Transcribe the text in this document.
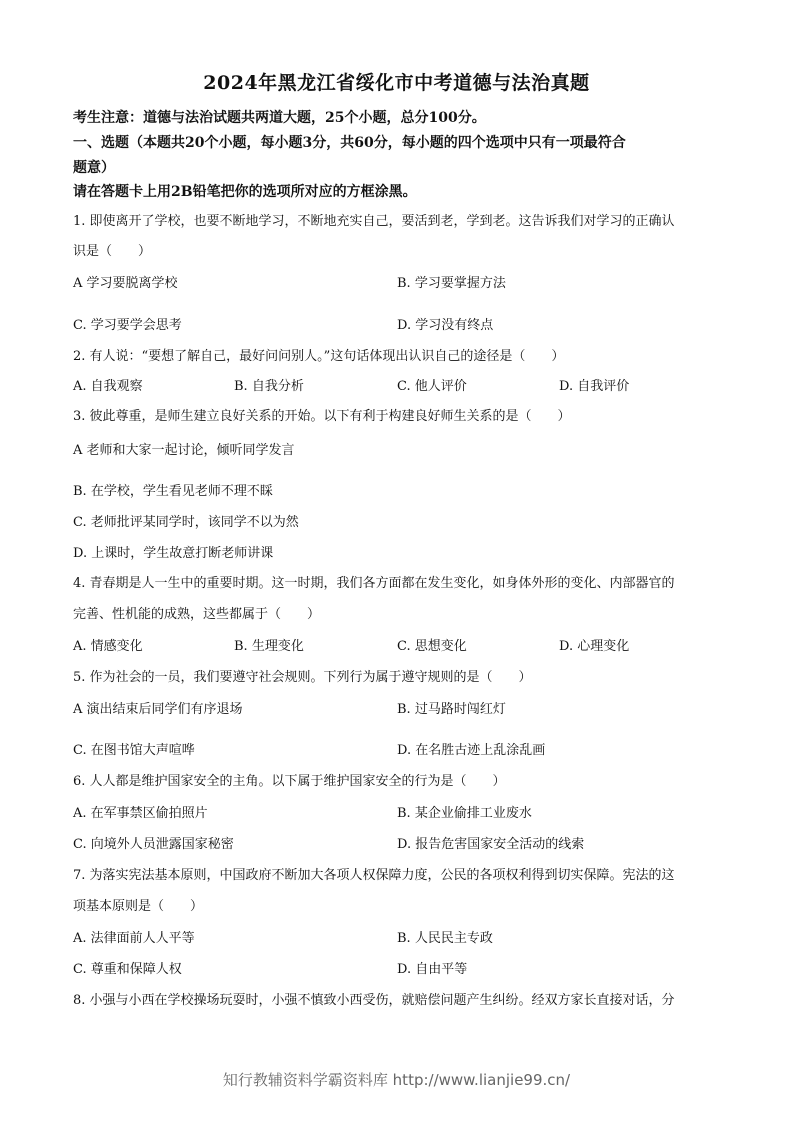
2024年黑龙江省绥化市中考道德与法治真题
考生注意：道德与法治试题共两道大题，25个小题，总分100分。
一、选题（本题共20个小题，每小题3分，共60分，每小题的四个选项中只有一项最符合
题意）
请在答题卡上用2B铅笔把你的选项所对应的方框涂黑。
1. 即使离开了学校，也要不断地学习，不断地充实自己，要活到老，学到老。这告诉我们对学习的正确认
识是（　　）
A 学习要脱离学校	B. 学习要掌握方法
C. 学习要学会思考	D. 学习没有终点
2. 有人说：“要想了解自己，最好问问别人。”这句话体现出认识自己的途径是（　　）
A. 自我观察	B. 自我分析	C. 他人评价	D. 自我评价
3. 彼此尊重，是师生建立良好关系的开始。以下有利于构建良好师生关系的是（　　）
A 老师和大家一起讨论，倾听同学发言
B. 在学校，学生看见老师不理不睬
C. 老师批评某同学时，该同学不以为然
D. 上课时，学生故意打断老师讲课
4. 青春期是人一生中的重要时期。这一时期，我们各方面都在发生变化，如身体外形的变化、内部器官的
完善、性机能的成熟，这些都属于（　　）
A. 情感变化	B. 生理变化	C. 思想变化	D. 心理变化
5. 作为社会的一员，我们要遵守社会规则。下列行为属于遵守规则的是（　　）
A 演出结束后同学们有序退场	B. 过马路时闯红灯
C. 在图书馆大声喧哗	D. 在名胜古迹上乱涂乱画
6. 人人都是维护国家安全的主角。以下属于维护国家安全的行为是（　　）
A. 在军事禁区偷拍照片	B. 某企业偷排工业废水
C. 向境外人员泄露国家秘密	D. 报告危害国家安全活动的线索
7. 为落实宪法基本原则，中国政府不断加大各项人权保障力度，公民的各项权利得到切实保障。宪法的这
项基本原则是（　　）
A. 法律面前人人平等	B. 人民民主专政
C. 尊重和保障人权	D. 自由平等
8. 小强与小西在学校操场玩耍时，小强不慎致小西受伤，就赔偿问题产生纠纷。经双方家长直接对话，分
知行教辅资料学霸资料库 http://www.lianjie99.cn/
